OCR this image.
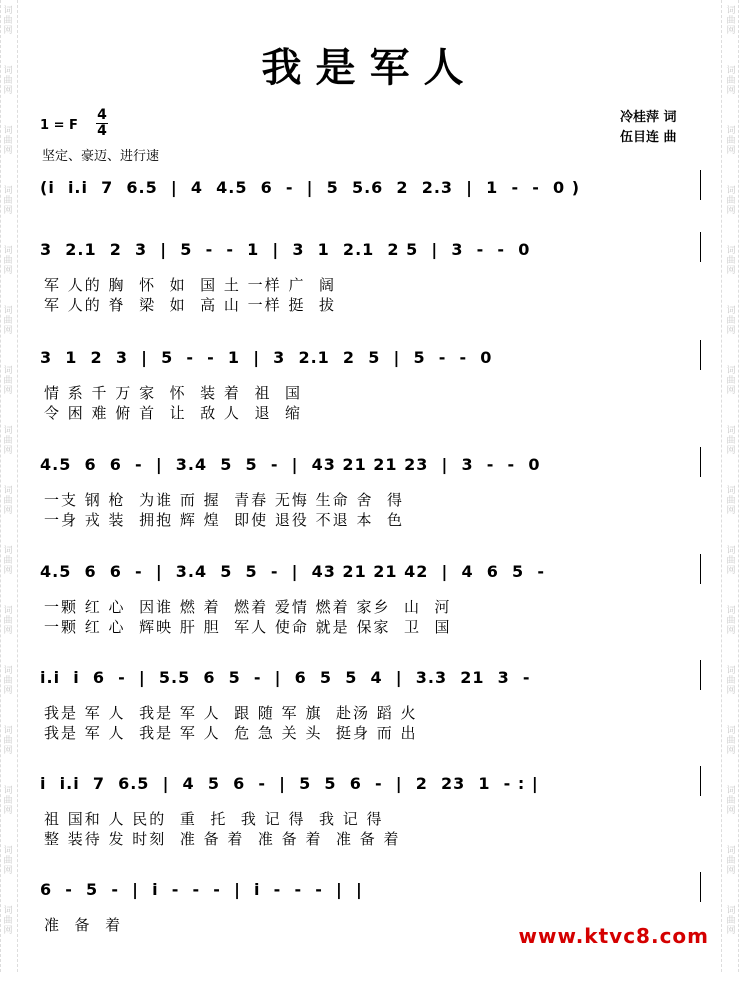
词
曲
网
词
曲
网
词
曲
网
词
曲
网
词
曲
网
词
曲
网
词
曲
网
词
曲
网
词
曲
网
词
曲
网
词
曲
网
词
曲
网
词
曲
网
词
曲
网
词
曲
网
词
曲
网
词
曲
网
词
曲
网
词
曲
网
词
曲
网
词
曲
网
词
曲
网
词
曲
网
词
曲
网
词
曲
网
词
曲
网
词
曲
网
词
曲
网
词
曲
网
词
曲
网
词
曲
网
词
曲
网
我是军人
1 = F
4
4
坚定、豪迈、进行速
冷桂萍 词
伍目连 曲
(i  i.i  7  6.5  |  4  4.5  6  -  |  5  5.6  2  2.3  |  1  -  -  0 )
3  2.1  2  3  |  5  -  -  1  |  3  1  2.1  2 5  |  3  -  -  0
军 人的 胸  怀  如  国 土 一样 广  阔
军 人的 脊  梁  如  高 山 一样 挺  拔
3  1  2  3  |  5  -  -  1  |  3  2.1  2  5  |  5  -  -  0
情 系 千 万 家  怀  装 着  祖  国
令 困 难 俯 首  让  敌 人  退  缩
4.5  6  6  -  |  3.4  5  5  -  |  43 21 21 23  |  3  -  -  0
一支 钢 枪  为谁 而 握  青春 无悔 生命 舍  得
一身 戎 装  拥抱 辉 煌  即使 退役 不退 本  色
4.5  6  6  -  |  3.4  5  5  -  |  43 21 21 42  |  4  6  5  -
一颗 红 心  因谁 燃 着  燃着 爱情 燃着 家乡  山  河
一颗 红 心  辉映 肝 胆  军人 使命 就是 保家  卫  国
i.i  i  6  -  |  5.5  6  5  -  |  6  5  5  4  |  3.3  21  3  -
我是 军 人  我是 军 人  跟 随 军 旗  赴汤 蹈 火
我是 军 人  我是 军 人  危 急 关 头  挺身 而 出
i  i.i  7  6.5  |  4  5  6  -  |  5  5  6  -  |  2  23  1  - : |
祖 国和 人 民的  重  托  我 记 得  我 记 得
整 装待 发 时刻  准 备 着  准 备 着  准 备 着
6  -  5  -  |  i  -  -  -  |  i  -  -  -  |  |
准  备  着	www.ktvc8.com
